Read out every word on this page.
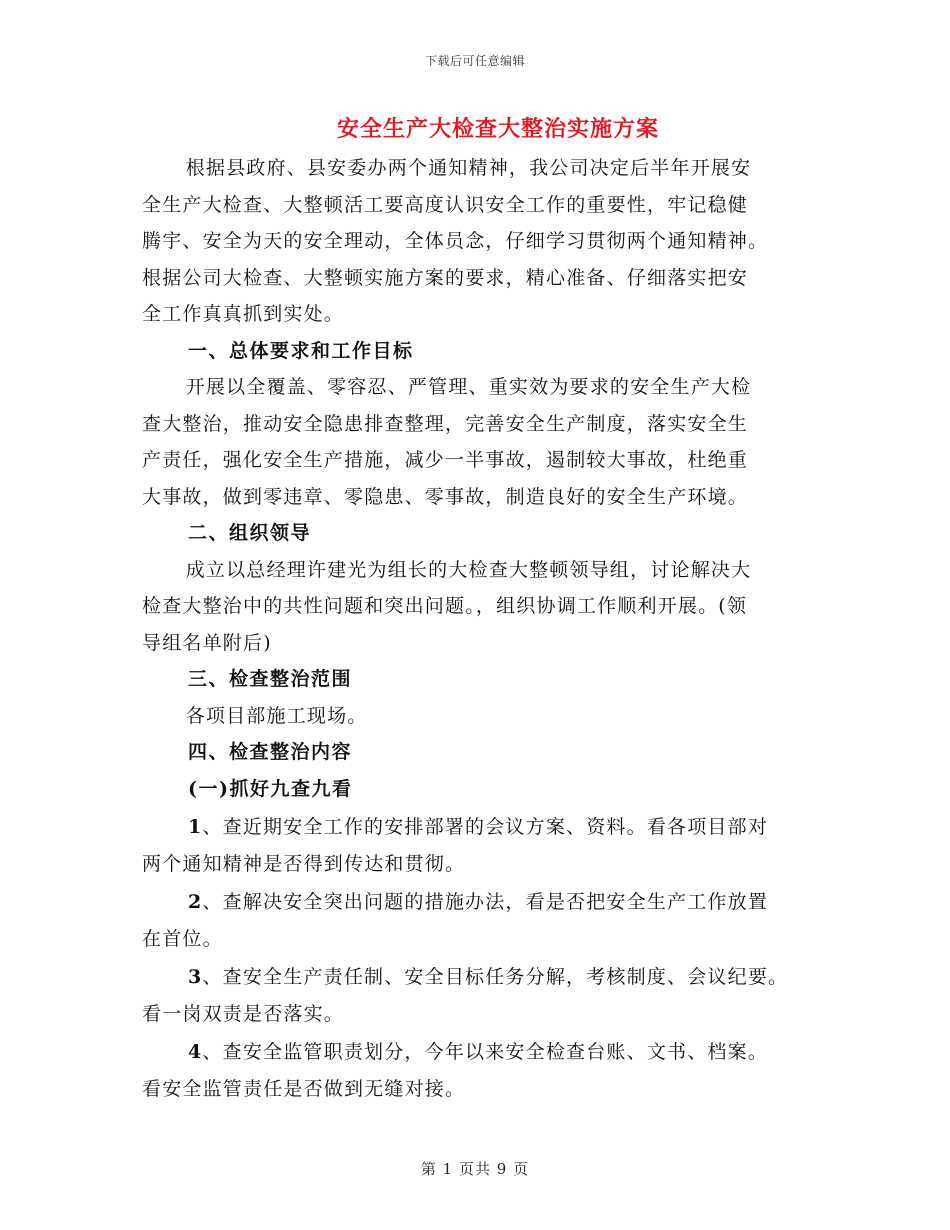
下载后可任意编辑
安全生产大检查大整治实施方案

根据县政府、县安委办两个通知精神，我公司决定后半年开展安
全生产大检查、大整顿活工要高度认识安全工作的重要性，牢记稳健
腾宇、安全为天的安全理动，全体员念，仔细学习贯彻两个通知精神。
根据公司大检查、大整顿实施方案的要求，精心准备、仔细落实把安
全工作真真抓到实处。

一、总体要求和工作目标

开展以全覆盖、零容忍、严管理、重实效为要求的安全生产大检
查大整治，推动安全隐患排查整理，完善安全生产制度，落实安全生
产责任，强化安全生产措施，减少一半事故，遏制较大事故，杜绝重
大事故，做到零违章、零隐患、零事故，制造良好的安全生产环境。

二、组织领导

成立以总经理许建光为组长的大检查大整顿领导组，讨论解决大
检查大整治中的共性问题和突出问题。，组织协调工作顺利开展。(领
导组名单附后)

三、检查整治范围

各项目部施工现场。

四、检查整治内容

(一)抓好九查九看

1、查近期安全工作的安排部署的会议方案、资料。看各项目部对
两个通知精神是否得到传达和贯彻。

2、查解决安全突出问题的措施办法，看是否把安全生产工作放置
在首位。

3、查安全生产责任制、安全目标任务分解，考核制度、会议纪要。
看一岗双责是否落实。

4、查安全监管职责划分，今年以来安全检查台账、文书、档案。
看安全监管责任是否做到无缝对接。

第 1 页共 9 页
